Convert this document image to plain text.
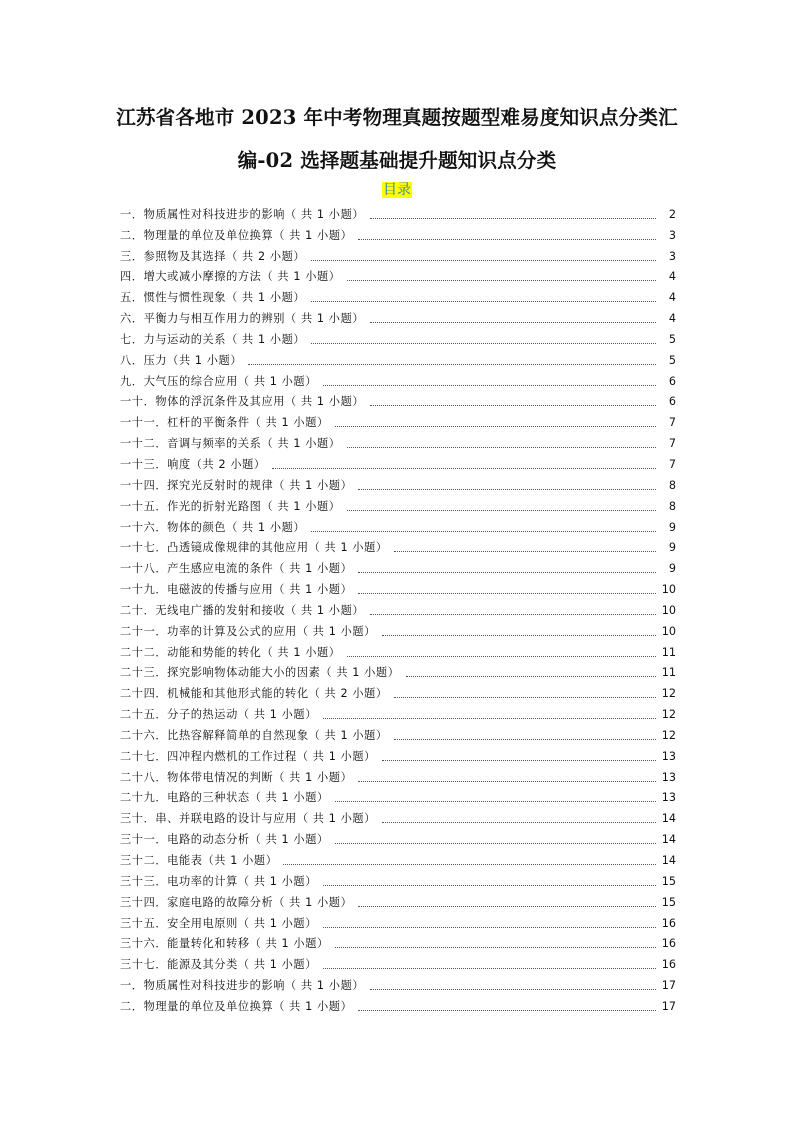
江苏省各地市 2023 年中考物理真题按题型难易度知识点分类汇
编-02 选择题基础提升题知识点分类
目录
一．物质属性对科技进步的影响（ 共 1 小题）	2
二．物理量的单位及单位换算（ 共 1 小题）	3
三．参照物及其选择（ 共 2 小题）	3
四．增大或减小摩擦的方法（ 共 1 小题）	4
五．惯性与惯性现象（ 共 1 小题）	4
六．平衡力与相互作用力的辨别（ 共 1 小题）	4
七．力与运动的关系（ 共 1 小题）	5
八．压力（共 1 小题）	5
九．大气压的综合应用（ 共 1 小题）	6
一十．物体的浮沉条件及其应用（ 共 1 小题）	6
一十一．杠杆的平衡条件（ 共 1 小题）	7
一十二．音调与频率的关系（ 共 1 小题）	7
一十三．响度（共 2 小题）	7
一十四．探究光反射时的规律（ 共 1 小题）	8
一十五．作光的折射光路图（ 共 1 小题）	8
一十六．物体的颜色（ 共 1 小题）	9
一十七．凸透镜成像规律的其他应用（ 共 1 小题）	9
一十八．产生感应电流的条件（ 共 1 小题）	9
一十九．电磁波的传播与应用（ 共 1 小题）	10
二十．无线电广播的发射和接收（ 共 1 小题）	10
二十一．功率的计算及公式的应用（ 共 1 小题）	10
二十二．动能和势能的转化（ 共 1 小题）	11
二十三．探究影响物体动能大小的因素（ 共 1 小题）	11
二十四．机械能和其他形式能的转化（ 共 2 小题）	12
二十五．分子的热运动（ 共 1 小题）	12
二十六．比热容解释简单的自然现象（ 共 1 小题）	12
二十七．四冲程内燃机的工作过程（ 共 1 小题）	13
二十八．物体带电情况的判断（ 共 1 小题）	13
二十九．电路的三种状态（ 共 1 小题）	13
三十．串、并联电路的设计与应用（ 共 1 小题）	14
三十一．电路的动态分析（ 共 1 小题）	14
三十二．电能表（共 1 小题）	14
三十三．电功率的计算（ 共 1 小题）	15
三十四．家庭电路的故障分析（ 共 1 小题）	15
三十五．安全用电原则（ 共 1 小题）	16
三十六．能量转化和转移（ 共 1 小题）	16
三十七．能源及其分类（ 共 1 小题）	16
一．物质属性对科技进步的影响（ 共 1 小题）	17
二．物理量的单位及单位换算（ 共 1 小题）	17
